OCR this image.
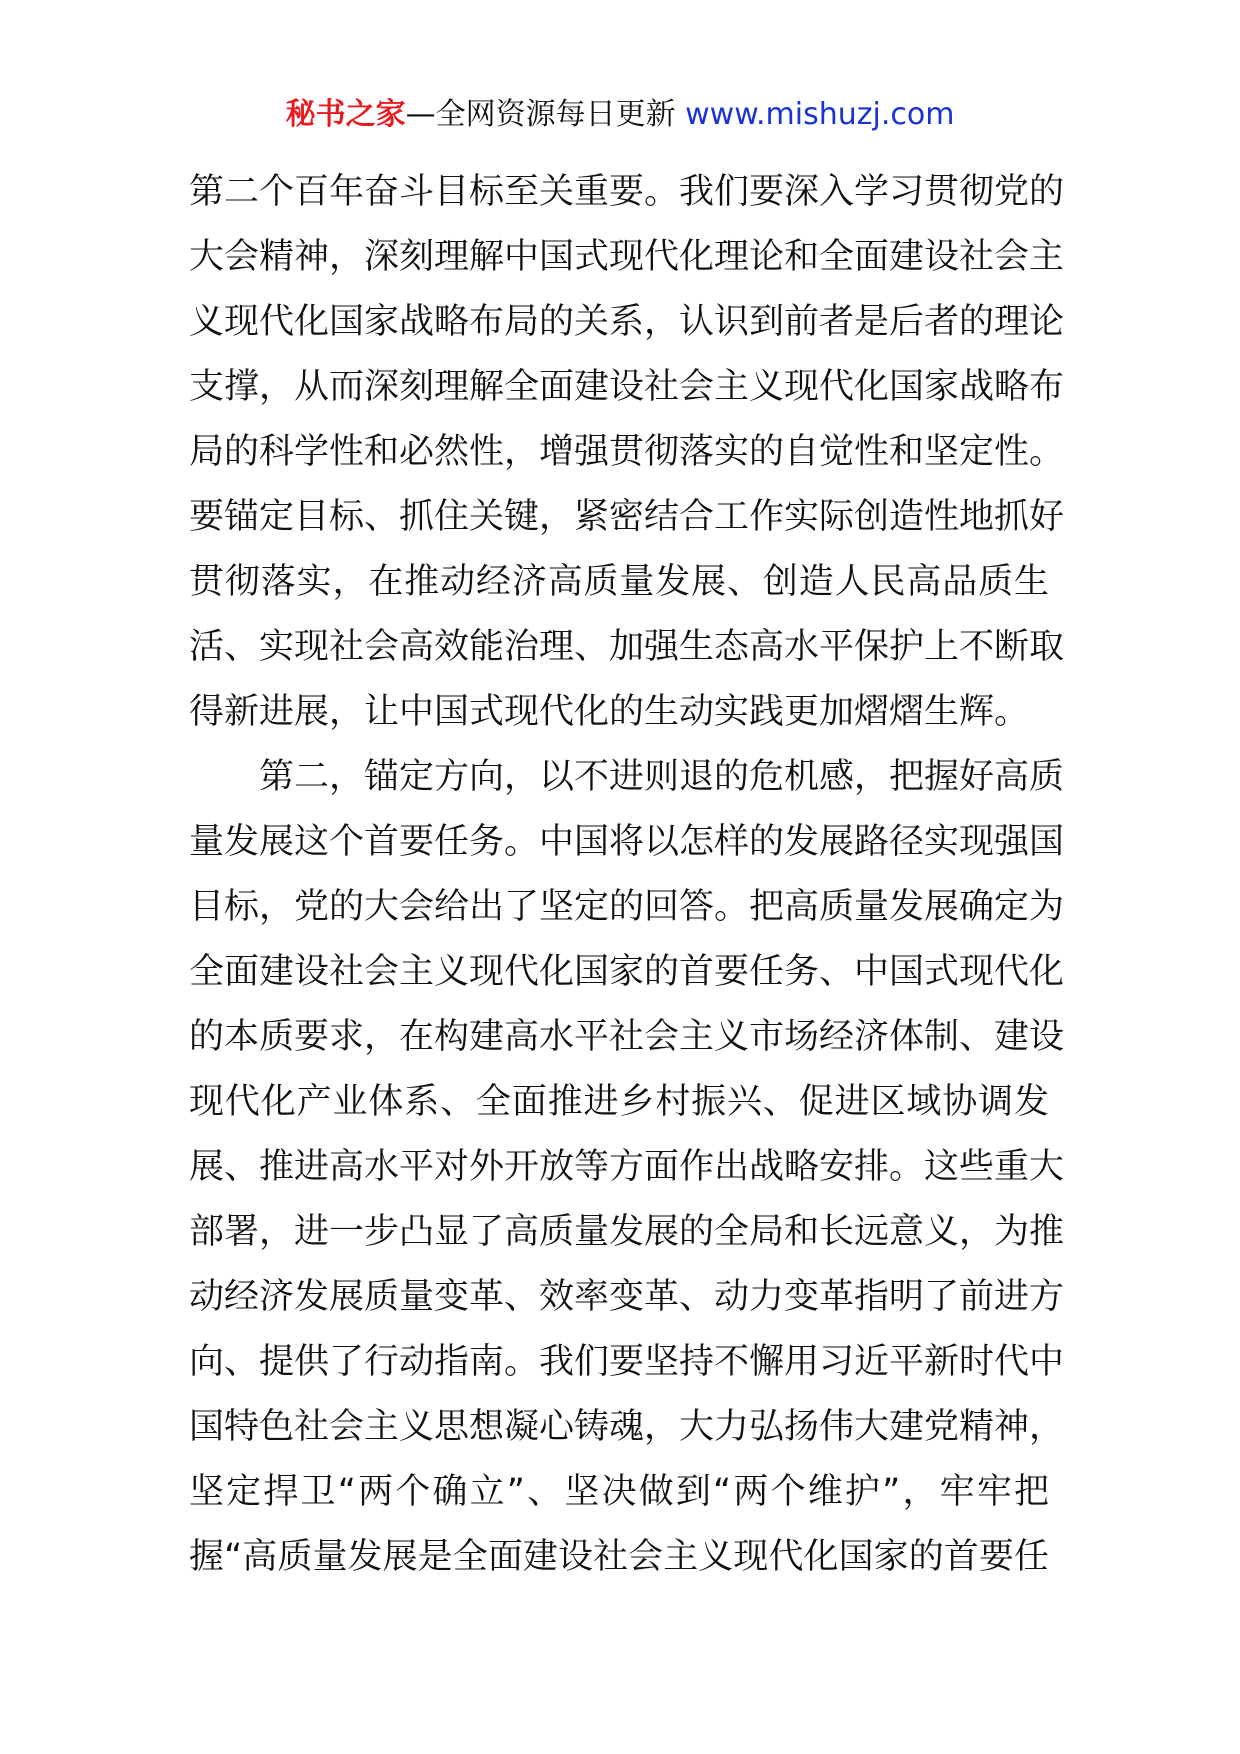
秘书之家—全网资源每日更新 www.mishuzj.com
第二个百年奋斗目标至关重要。我们要深入学习贯彻党的
大会精神，深刻理解中国式现代化理论和全面建设社会主
义现代化国家战略布局的关系，认识到前者是后者的理论
支撑，从而深刻理解全面建设社会主义现代化国家战略布
局的科学性和必然性，增强贯彻落实的自觉性和坚定性。
要锚定目标、抓住关键，紧密结合工作实际创造性地抓好
贯彻落实，在推动经济高质量发展、创造人民高品质生
活、实现社会高效能治理、加强生态高水平保护上不断取
得新进展，让中国式现代化的生动实践更加熠熠生辉。
第二，锚定方向，以不进则退的危机感，把握好高质
量发展这个首要任务。中国将以怎样的发展路径实现强国
目标，党的大会给出了坚定的回答。把高质量发展确定为
全面建设社会主义现代化国家的首要任务、中国式现代化
的本质要求，在构建高水平社会主义市场经济体制、建设
现代化产业体系、全面推进乡村振兴、促进区域协调发
展、推进高水平对外开放等方面作出战略安排。这些重大
部署，进一步凸显了高质量发展的全局和长远意义，为推
动经济发展质量变革、效率变革、动力变革指明了前进方
向、提供了行动指南。我们要坚持不懈用习近平新时代中
国特色社会主义思想凝心铸魂，大力弘扬伟大建党精神，
坚定捍卫“两个确立”、坚决做到“两个维护”，牢牢把
握“高质量发展是全面建设社会主义现代化国家的首要任
